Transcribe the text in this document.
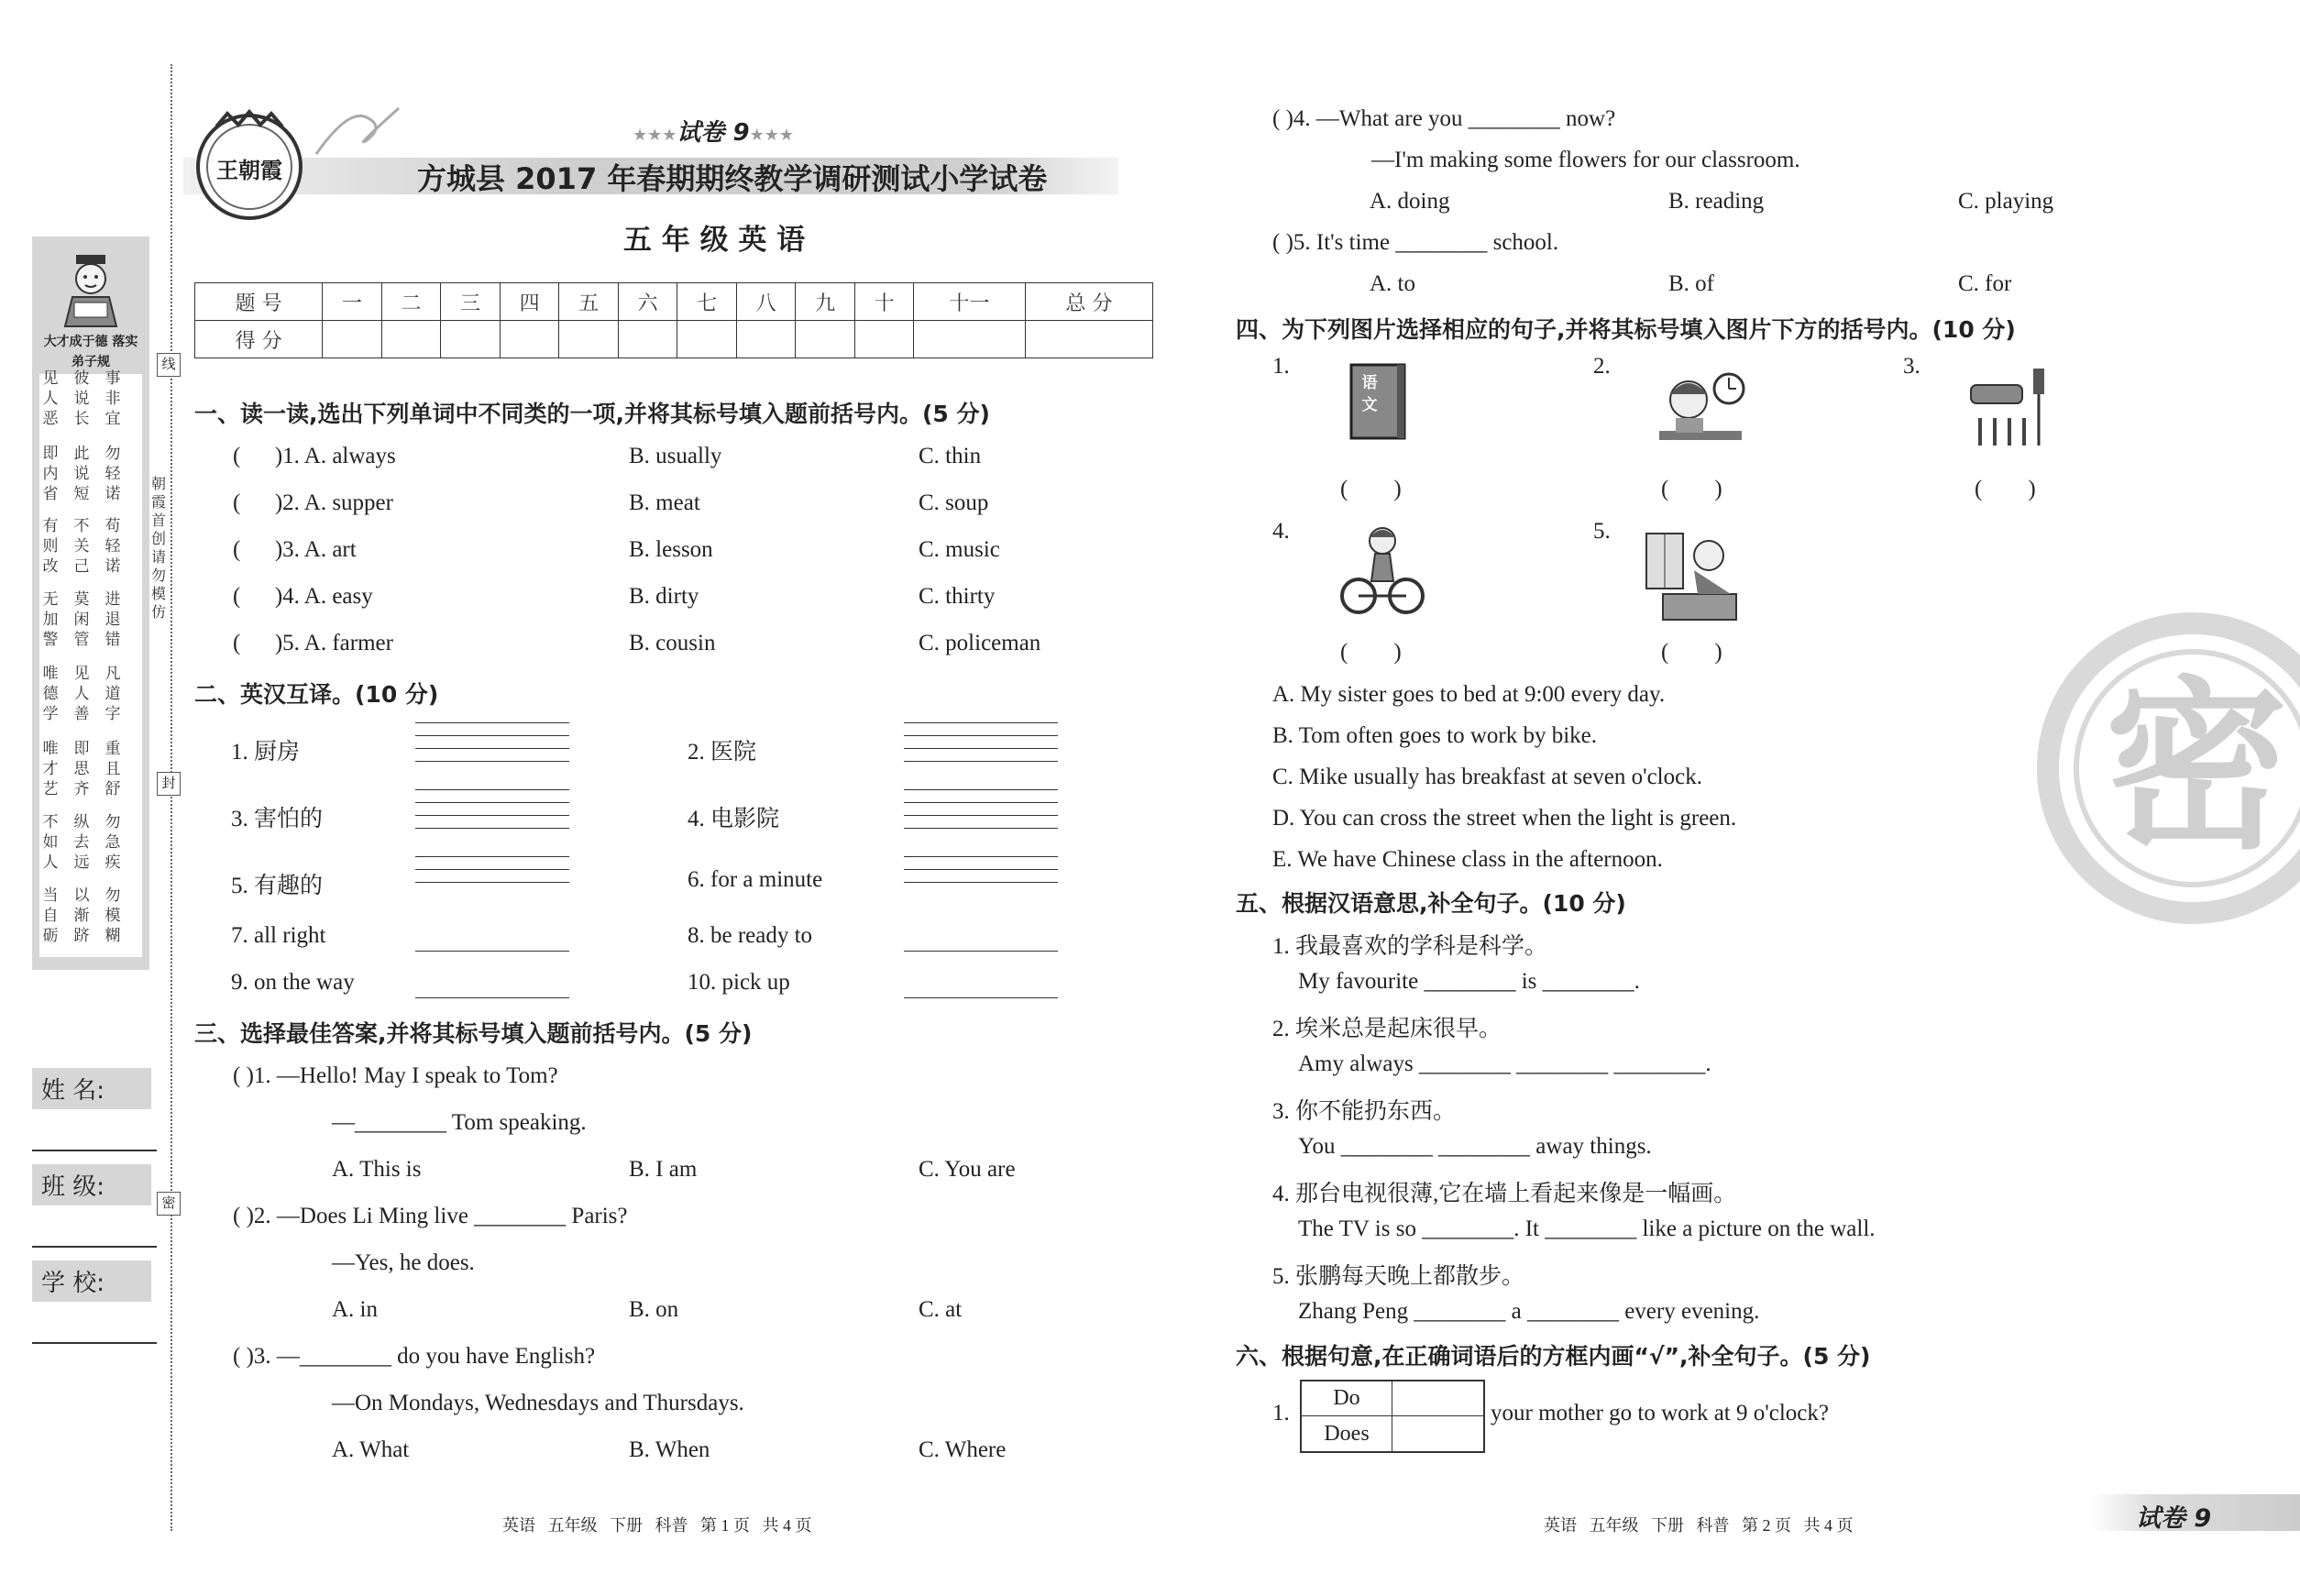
大才成于德 落实弟子规
见人恶
彼说长
事非宜
即内省
此说短
勿轻诺
有则改
不关己
苟轻诺
无加警
莫闲管
进退错
唯德学
见人善
凡道字
唯才艺
即思齐
重且舒
不如人
纵去远
勿急疾
当自砺
以渐跻
勿模糊
朝霞首创 请勿模仿
线
封
密
姓 名:
班 级:
学 校:
王朝霞
★★★试卷 9★★★
方城县 2017 年春期期终教学调研测试小学试卷
五 年 级 英 语
题 号	一	二	三	四	五	六	七	八	九	十	十一	总 分
得 分												
一、读一读,选出下列单词中不同类的一项,并将其标号填入题前括号内。(5 分)
(      )1. A. always	B. usually	C. thin
(      )2. A. supper	B. meat	C. soup
(      )3. A. art	B. lesson	C. music
(      )4. A. easy	B. dirty	C. thirty
(      )5. A. farmer	B. cousin	C. policeman
二、英汉互译。(10 分)
1. 厨房	2. 医院
3. 害怕的	4. 电影院
5. 有趣的	6. for a minute
7. all right	8. be ready to
9. on the way	10. pick up
三、选择最佳答案,并将其标号填入题前括号内。(5 分)
( )1. —Hello! May I speak to Tom?
—________ Tom speaking.
A. This is	B. I am	C. You are
( )2. —Does Li Ming live ________ Paris?
—Yes, he does.
A. in	B. on	C. at
( )3. —________ do you have English?
—On Mondays, Wednesdays and Thursdays.
A. What	B. When	C. Where
英语   五年级   下册   科普   第 1 页   共 4 页
( )4. —What are you ________ now?
—I'm making some flowers for our classroom.
A. doing	B. reading	C. playing
( )5. It's time ________ school.
A. to	B. of	C. for
四、为下列图片选择相应的句子,并将其标号填入图片下方的括号内。(10 分)
1.
语文
(        )
2.
(        )
3.
(        )
4.
(        )
5.
(        )
A. My sister goes to bed at 9:00 every day.
B. Tom often goes to work by bike.
C. Mike usually has breakfast at seven o'clock.
D. You can cross the street when the light is green.
E. We have Chinese class in the afternoon.
五、根据汉语意思,补全句子。(10 分)
1. 我最喜欢的学科是科学。
My favourite ________ is ________.
2. 埃米总是起床很早。
Amy always ________ ________ ________.
3. 你不能扔东西。
You ________ ________ away things.
4. 那台电视很薄,它在墙上看起来像是一幅画。
The TV is so ________. It ________ like a picture on the wall.
5. 张鹏每天晚上都散步。
Zhang Peng ________ a ________ every evening.
六、根据句意,在正确词语后的方框内画“√”,补全句子。(5 分)
1.
Do
Does
your mother go to work at 9 o'clock?
英语   五年级   下册   科普   第 2 页   共 4 页	试卷 9
密
